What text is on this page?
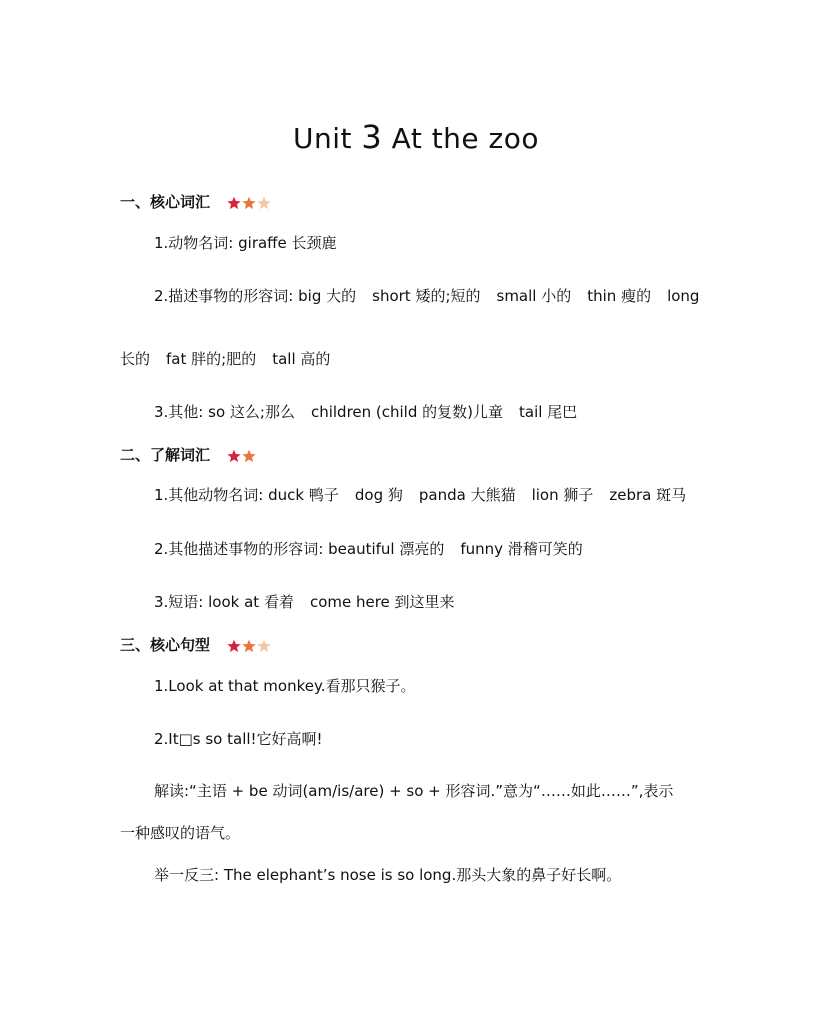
Unit 3 At the zoo
一、核心词汇
1.动物名词: giraffe 长颈鹿
2.描述事物的形容词: big 大的 short 矮的;短的 small 小的 thin 瘦的 long
长的 fat 胖的;肥的 tall 高的
3.其他: so 这么;那么 children (child 的复数)儿童 tail 尾巴
二、了解词汇
1.其他动物名词: duck 鸭子 dog 狗 panda 大熊猫 lion 狮子 zebra 斑马
2.其他描述事物的形容词: beautiful 漂亮的 funny 滑稽可笑的
3.短语: look at 看着 come here 到这里来
三、核心句型
1.Look at that monkey.看那只猴子。
2.It□s so tall!它好高啊!
解读:“主语 + be 动词(am/is/are) + so + 形容词.”意为“……如此……”,表示
一种感叹的语气。
举一反三: The elephant’s nose is so long.那头大象的鼻子好长啊。
